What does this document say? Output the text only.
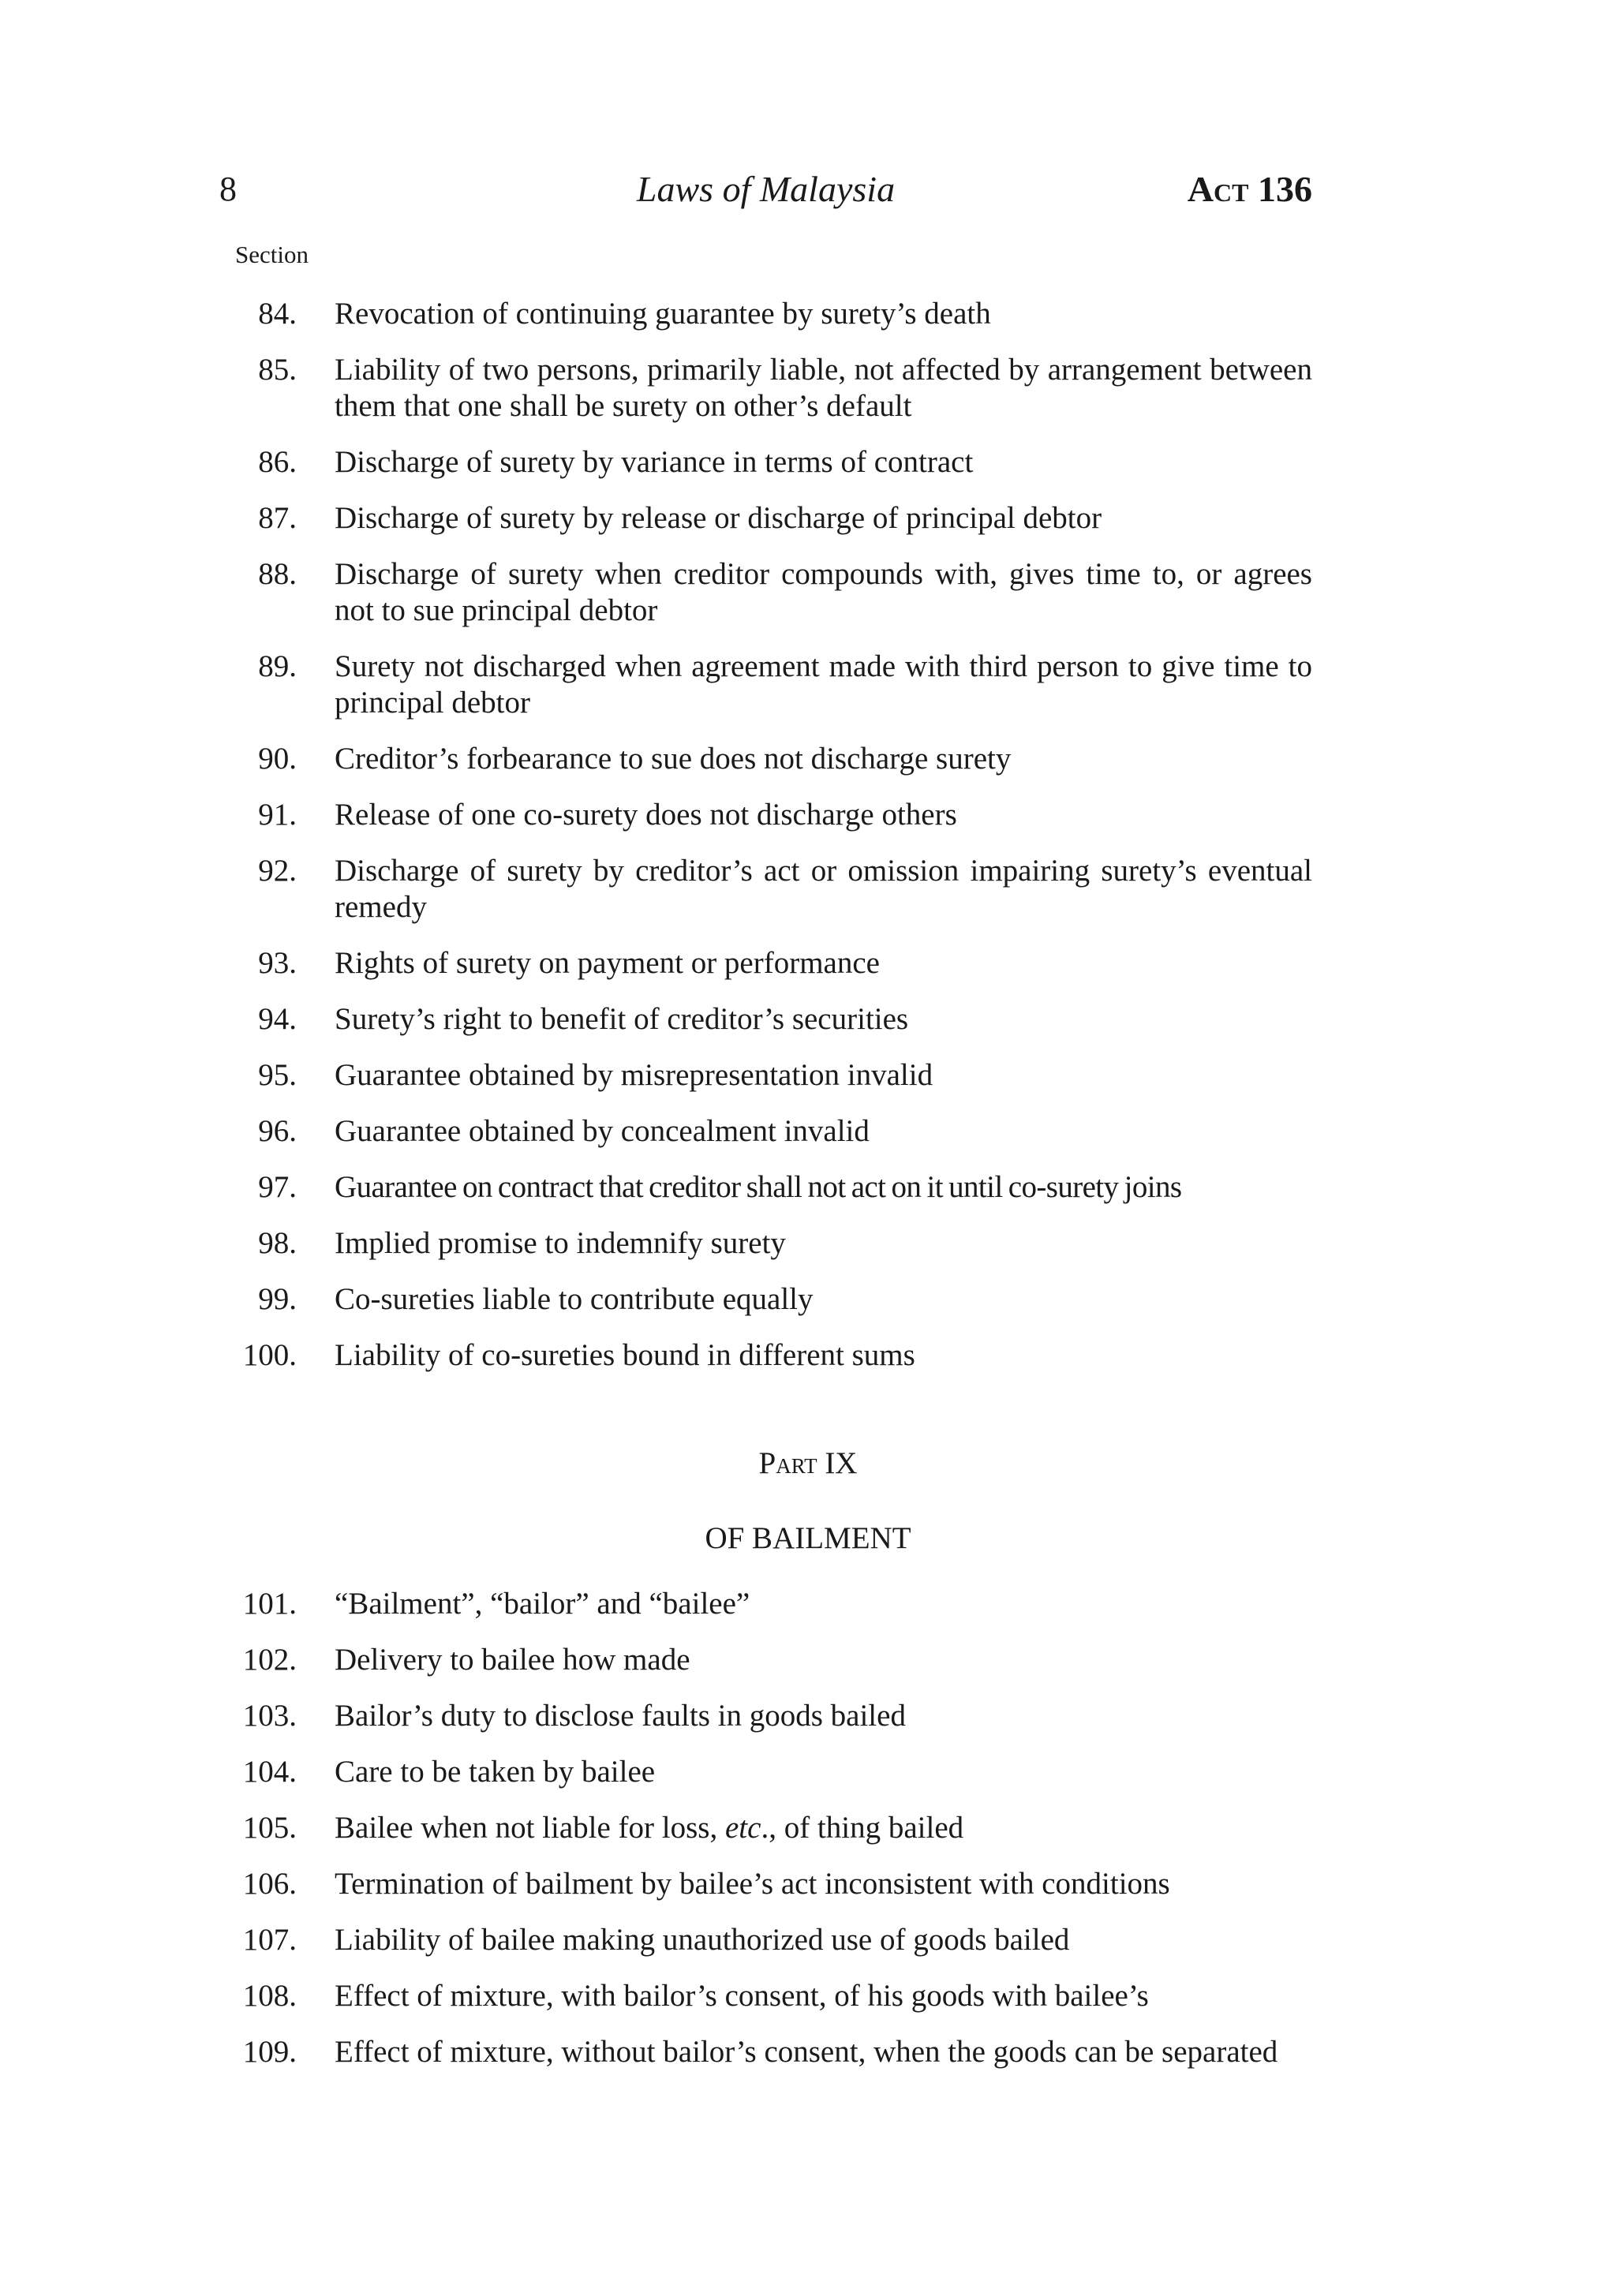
8	Laws of Malaysia	Act 136
Section
84. Revocation of continuing guarantee by surety’s death
85. Liability of two persons, primarily liable, not affected by arrangement between them that one shall be surety on other’s default
86. Discharge of surety by variance in terms of contract
87. Discharge of surety by release or discharge of principal debtor
88. Discharge of surety when creditor compounds with, gives time to, or agrees not to sue principal debtor
89. Surety not discharged when agreement made with third person to give time to principal debtor
90. Creditor’s forbearance to sue does not discharge surety
91. Release of one co-surety does not discharge others
92. Discharge of surety by creditor’s act or omission impairing surety’s eventual remedy
93. Rights of surety on payment or performance
94. Surety’s right to benefit of creditor’s securities
95. Guarantee obtained by misrepresentation invalid
96. Guarantee obtained by concealment invalid
97. Guarantee on contract that creditor shall not act on it until co-surety joins
98. Implied promise to indemnify surety
99. Co-sureties liable to contribute equally
100. Liability of co-sureties bound in different sums
Part IX
OF BAILMENT
101. “Bailment”, “bailor” and “bailee”
102. Delivery to bailee how made
103. Bailor’s duty to disclose faults in goods bailed
104. Care to be taken by bailee
105. Bailee when not liable for loss, etc., of thing bailed
106. Termination of bailment by bailee’s act inconsistent with conditions
107. Liability of bailee making unauthorized use of goods bailed
108. Effect of mixture, with bailor’s consent, of his goods with bailee’s
109. Effect of mixture, without bailor’s consent, when the goods can be separated
